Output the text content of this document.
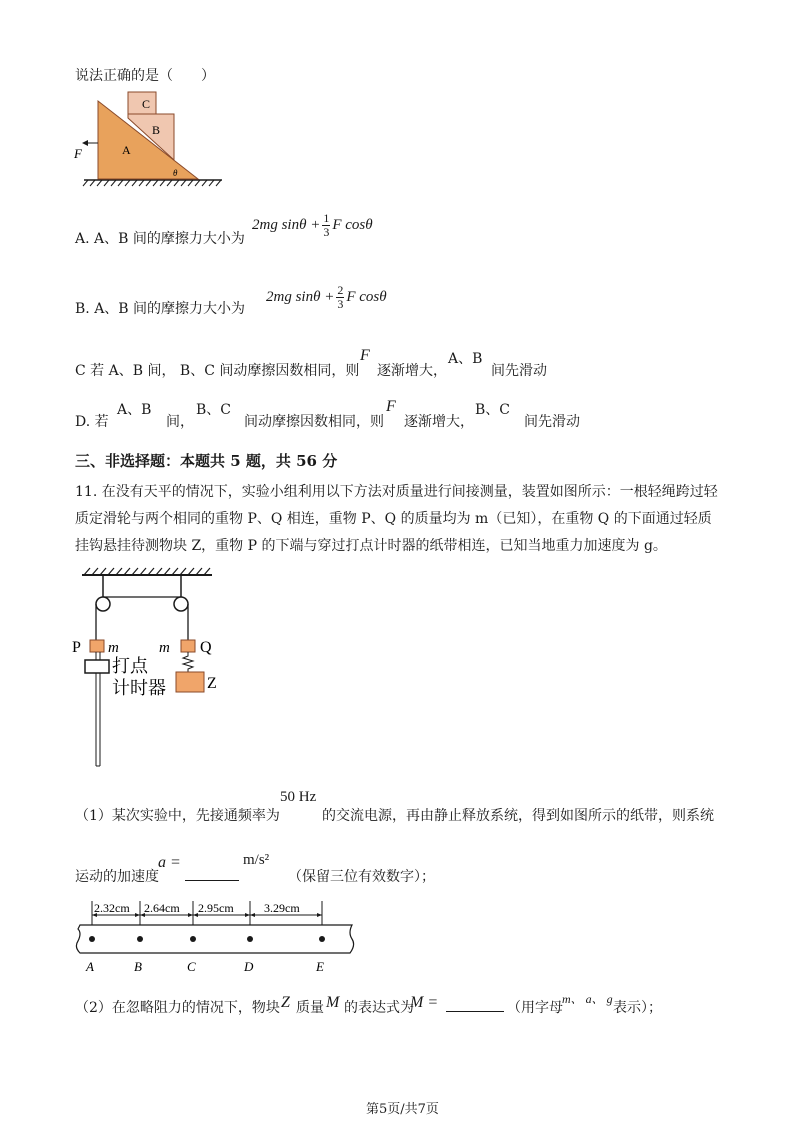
说法正确的是（　　）
C
B
A
F
θ
A. A、B 间的摩擦力大小为
2mg $\sin\theta + \frac{1}{3}$ F cosθ
B. A、B 间的摩擦力大小为
2mg $\sin\theta + \frac{2}{3}$ F cosθ
C 若 A、B 间， B、C 间动摩擦因数相同，则
F
逐渐增大，
A、B
间先滑动
D. 若
A、B
间，
B、C
间动摩擦因数相同，则
F
逐渐增大，
B、C
间先滑动
三、非选择题：本题共 5 题，共 56 分
11. 在没有天平的情况下，实验小组利用以下方法对质量进行间接测量，装置如图所示：一根轻绳跨过轻质定滑轮与两个相同的重物 P、Q 相连，重物 P、Q 的质量均为 m（已知），在重物 Q 的下面通过轻质挂钩悬挂待测物块 Z，重物 P 的下端与穿过打点计时器的纸带相连，已知当地重力加速度为 g。
P m	m Q
Z
打点
计时器
（1）某次实验中，先接通频率为
50 Hz
的交流电源，再由静止释放系统，得到如图所示的纸带，则系统
运动的加速度
a =	m/s²
（保留三位有效数字）；
2.32cm 2.64cm 2.95cm	3.29cm
A	B	C	D	E
（2）在忽略阻力的情况下，物块 Z 质量 M 的表达式为
M =	（用字母
m、 a、 g
表示）；
第5页/共7页
